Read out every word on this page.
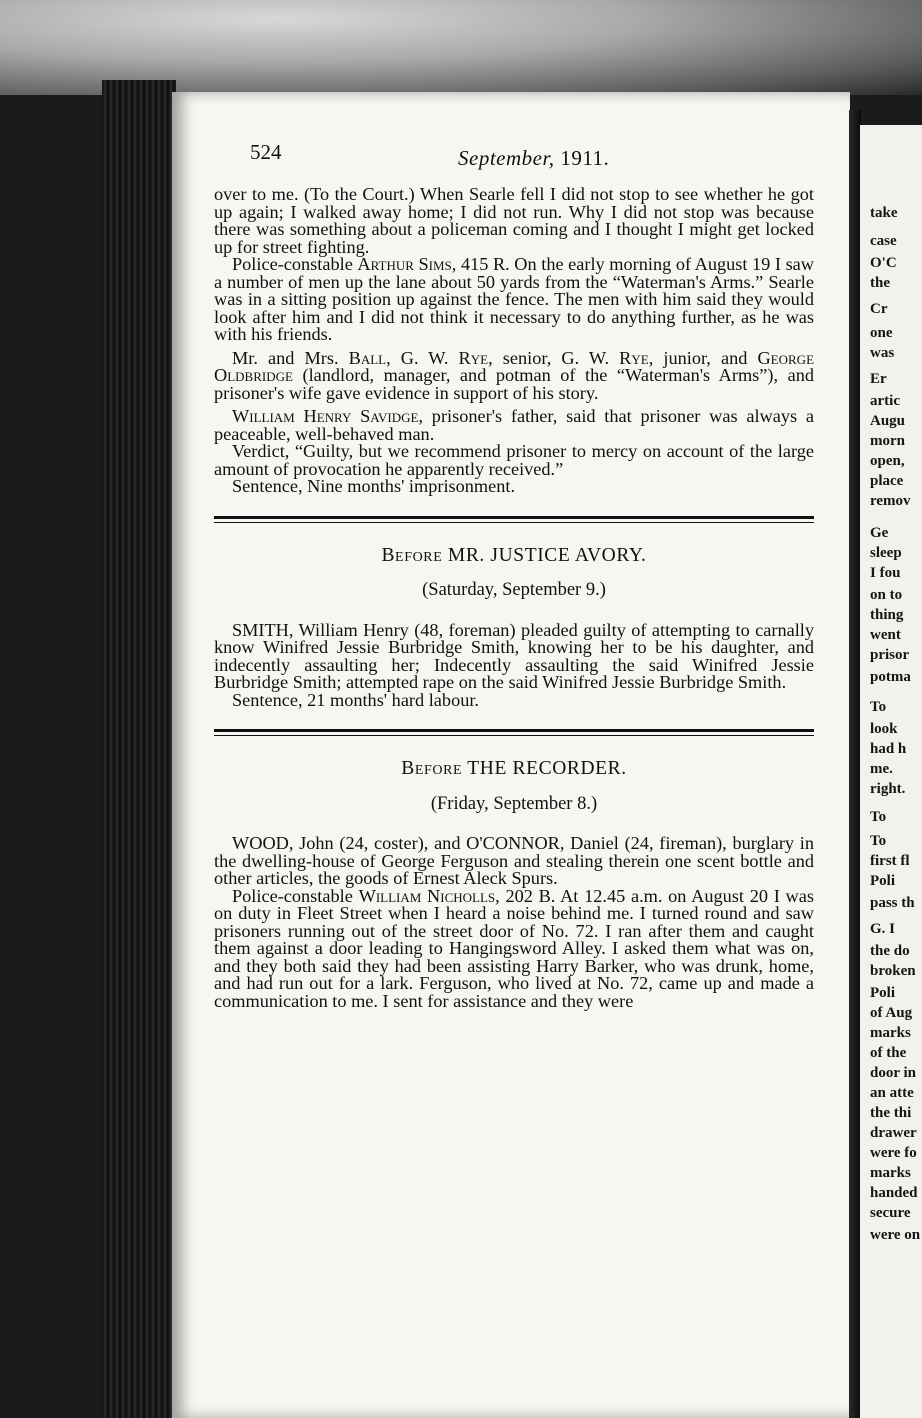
take
case
O'C
the
Cr
one
was
Er
artic
Augu
morn
open,
place
remov
Ge
sleep
I fou
on to
thing
went
prisor
potma
To
look
had h
me.
right.
To
To
first fl
Poli
pass th
G. I
the do
broken
Poli
of Aug
marks
of the
door in
an atte
the thi
drawer
were fo
marks
handed
secure
were on
524	September, 1911.

over to me. (To the Court.) When Searle fell I did not stop to see whether he got up again; I walked away home; I did not run. Why I did not stop was because there was something about a policeman coming and I thought I might get locked up for street fighting.

Police-constable Arthur Sims, 415 R. On the early morning of August 19 I saw a number of men up the lane about 50 yards from the “Waterman's Arms.” Searle was in a sitting position up against the fence. The men with him said they would look after him and I did not think it necessary to do anything further, as he was with his friends.

Mr. and Mrs. Ball, G. W. Rye, senior, G. W. Rye, junior, and George Oldbridge (landlord, manager, and potman of the “Waterman's Arms”), and prisoner's wife gave evidence in support of his story.

William Henry Savidge, prisoner's father, said that prisoner was always a peaceable, well-behaved man.

Verdict, “Guilty, but we recommend prisoner to mercy on account of the large amount of provocation he apparently received.”

Sentence, Nine months' imprisonment.

Before MR. JUSTICE AVORY.
(Saturday, September 9.)

SMITH, William Henry (48, foreman) pleaded guilty of attempting to carnally know Winifred Jessie Burbridge Smith, knowing her to be his daughter, and indecently assaulting her; Indecently assaulting the said Winifred Jessie Burbridge Smith; attempted rape on the said Winifred Jessie Burbridge Smith.

Sentence, 21 months' hard labour.

Before THE RECORDER.
(Friday, September 8.)

WOOD, John (24, coster), and O'CONNOR, Daniel (24, fireman), burglary in the dwelling-house of George Ferguson and stealing therein one scent bottle and other articles, the goods of Ernest Aleck Spurs.

Police-constable William Nicholls, 202 B. At 12.45 a.m. on August 20 I was on duty in Fleet Street when I heard a noise behind me. I turned round and saw prisoners running out of the street door of No. 72. I ran after them and caught them against a door leading to Hangingsword Alley. I asked them what was on, and they both said they had been assisting Harry Barker, who was drunk, home, and had run out for a lark. Ferguson, who lived at No. 72, came up and made a communication to me. I sent for assistance and they were
